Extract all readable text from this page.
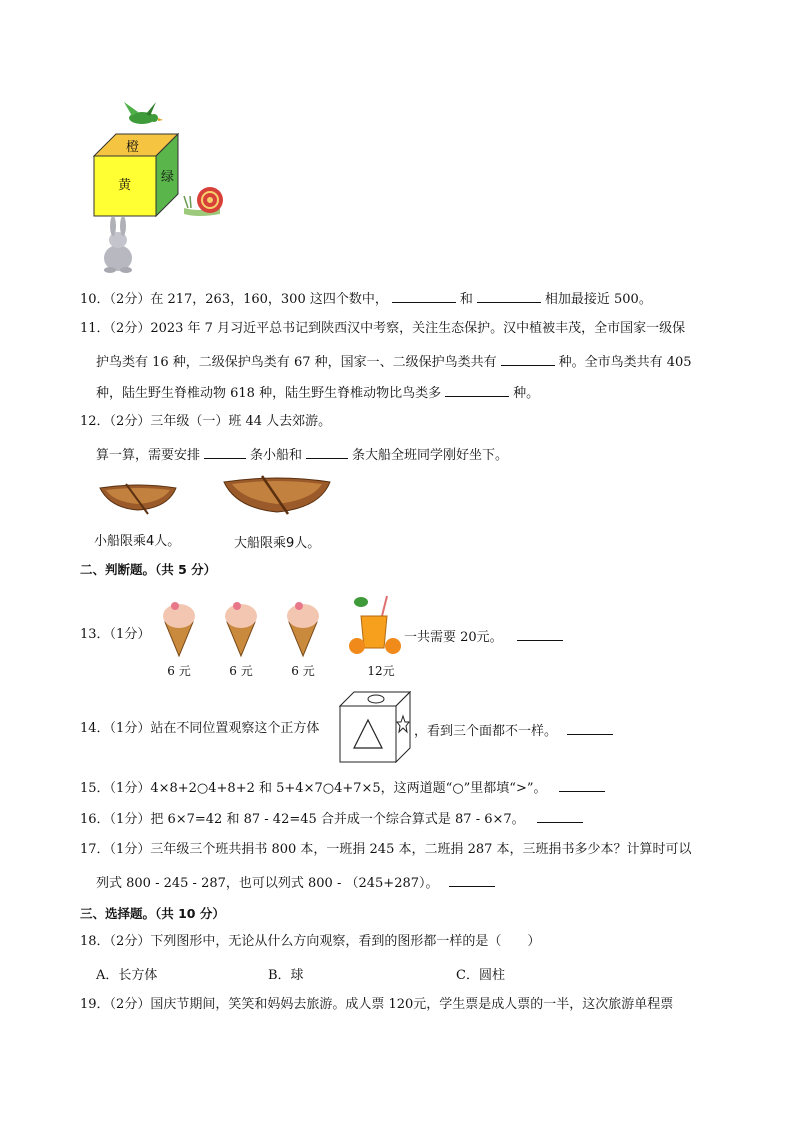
橙
黄
绿
10．（2分）在 217，263，160，300 这四个数中，	和	相加最接近 500。
11．（2分）2023 年 7 月习近平总书记到陕西汉中考察，关注生态保护。汉中植被丰茂，全市国家一级保
护鸟类有 16 种，二级保护鸟类有 67 种，国家一、二级保护鸟类共有	种。全市鸟类共有 405
种，陆生野生脊椎动物 618 种，陆生野生脊椎动物比鸟类多	种。
12．（2分）三年级（一）班 44 人去郊游。
算一算，需要安排	条小船和	条大船全班同学刚好坐下。
小船限乘4人。	大船限乘9人。
二、判断题。（共 5 分）
13．（1分）
6 元	6 元	6 元	12元
一共需要 20元。
14．（1分）站在不同位置观察这个正方体	，看到三个面都不一样。
15．（1分）4×8+2○4+8+2 和 5+4×7○4+7×5，这两道题“○”里都填“>”。
16．（1分）把 6×7=42 和 87 - 42=45 合并成一个综合算式是 87 - 6×7。
17．（1分）三年级三个班共捐书 800 本，一班捐 245 本，二班捐 287 本，三班捐书多少本？计算时可以
列式 800 - 245 - 287，也可以列式 800 - （245+287）。
三、选择题。（共 10 分）
18．（2分）下列图形中，无论从什么方向观察，看到的图形都一样的是（　　）
A．长方体	B．球	C．圆柱
19．（2分）国庆节期间，笑笑和妈妈去旅游。成人票 120元，学生票是成人票的一半，这次旅游单程票
